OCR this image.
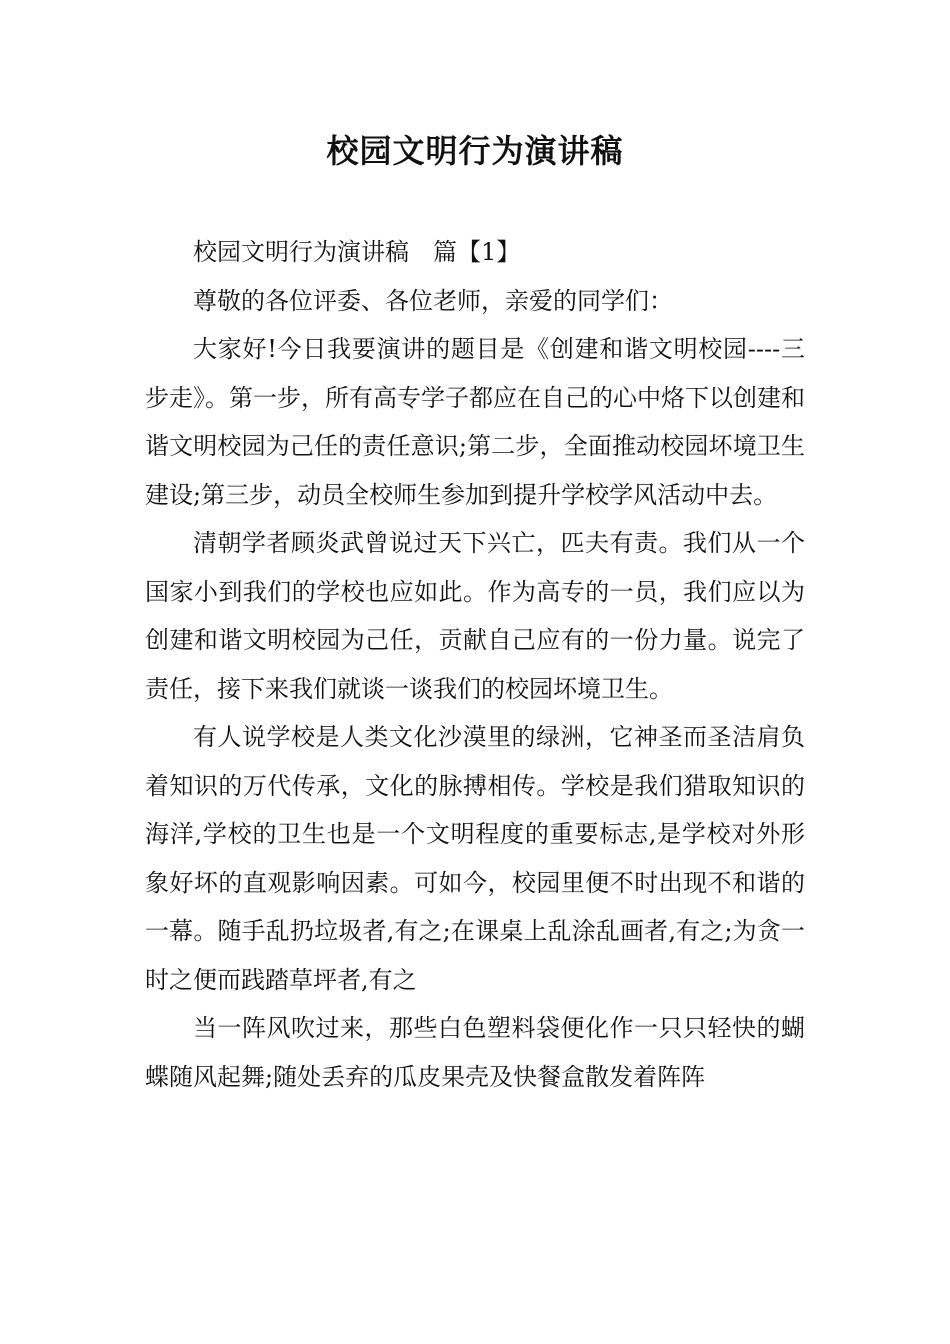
校园文明行为演讲稿

校园文明行为演讲稿　篇【1】

尊敬的各位评委、各位老师，亲爱的同学们：

大家好!今日我要演讲的题目是《创建和谐文明校园----三步走》。第一步，所有高专学子都应在自己的心中烙下以创建和谐文明校园为己任的责任意识;第二步，全面推动校园坏境卫生建设;第三步，动员全校师生参加到提升学校学风活动中去。

清朝学者顾炎武曾说过天下兴亡，匹夫有责。我们从一个国家小到我们的学校也应如此。作为高专的一员，我们应以为创建和谐文明校园为己任，贡献自己应有的一份力量。说完了责任，接下来我们就谈一谈我们的校园坏境卫生。

有人说学校是人类文化沙漠里的绿洲，它神圣而圣洁肩负着知识的万代传承，文化的脉搏相传。学校是我们猎取知识的海洋,学校的卫生也是一个文明程度的重要标志,是学校对外形象好坏的直观影响因素。可如今，校园里便不时出现不和谐的一幕。随手乱扔垃圾者,有之;在课桌上乱涂乱画者,有之;为贪一时之便而践踏草坪者,有之

当一阵风吹过来，那些白色塑料袋便化作一只只轻快的蝴蝶随风起舞;随处丢弃的瓜皮果壳及快餐盒散发着阵阵
